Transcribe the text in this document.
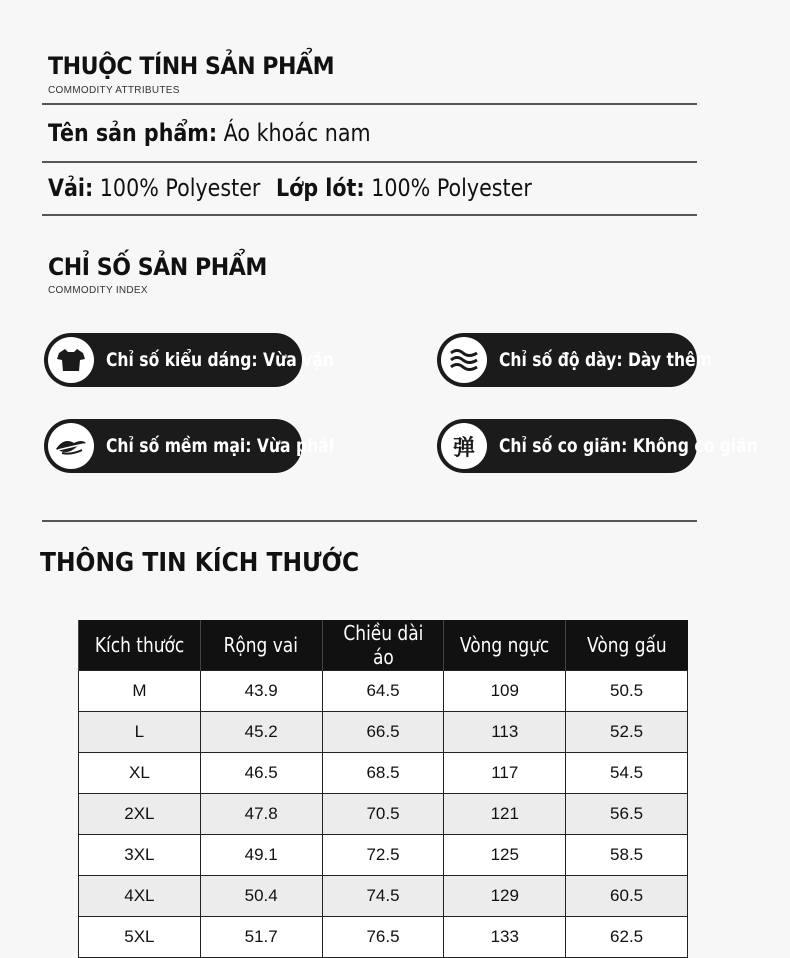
THUỘC TÍNH SẢN PHẨM
COMMODITY ATTRIBUTES
Tên sản phẩm: Áo khoác nam
Vải: 100% Polyester Lớp lót: 100% Polyester
CHỈ SỐ SẢN PHẨM
COMMODITY INDEX
Chỉ số kiểu dáng: Vừa vặn	Chỉ số độ dày: Dày thêm
Chỉ số mềm mại: Vừa phải	弹 Chỉ số co giãn: Không co giãn
THÔNG TIN KÍCH THƯỚC
Kích thước	Rộng vai	Chiều dài áo	Vòng ngực	Vòng gấu
M	43.9	64.5	109	50.5
L	45.2	66.5	113	52.5
XL	46.5	68.5	117	54.5
2XL	47.8	70.5	121	56.5
3XL	49.1	72.5	125	58.5
4XL	50.4	74.5	129	60.5
5XL	51.7	76.5	133	62.5
